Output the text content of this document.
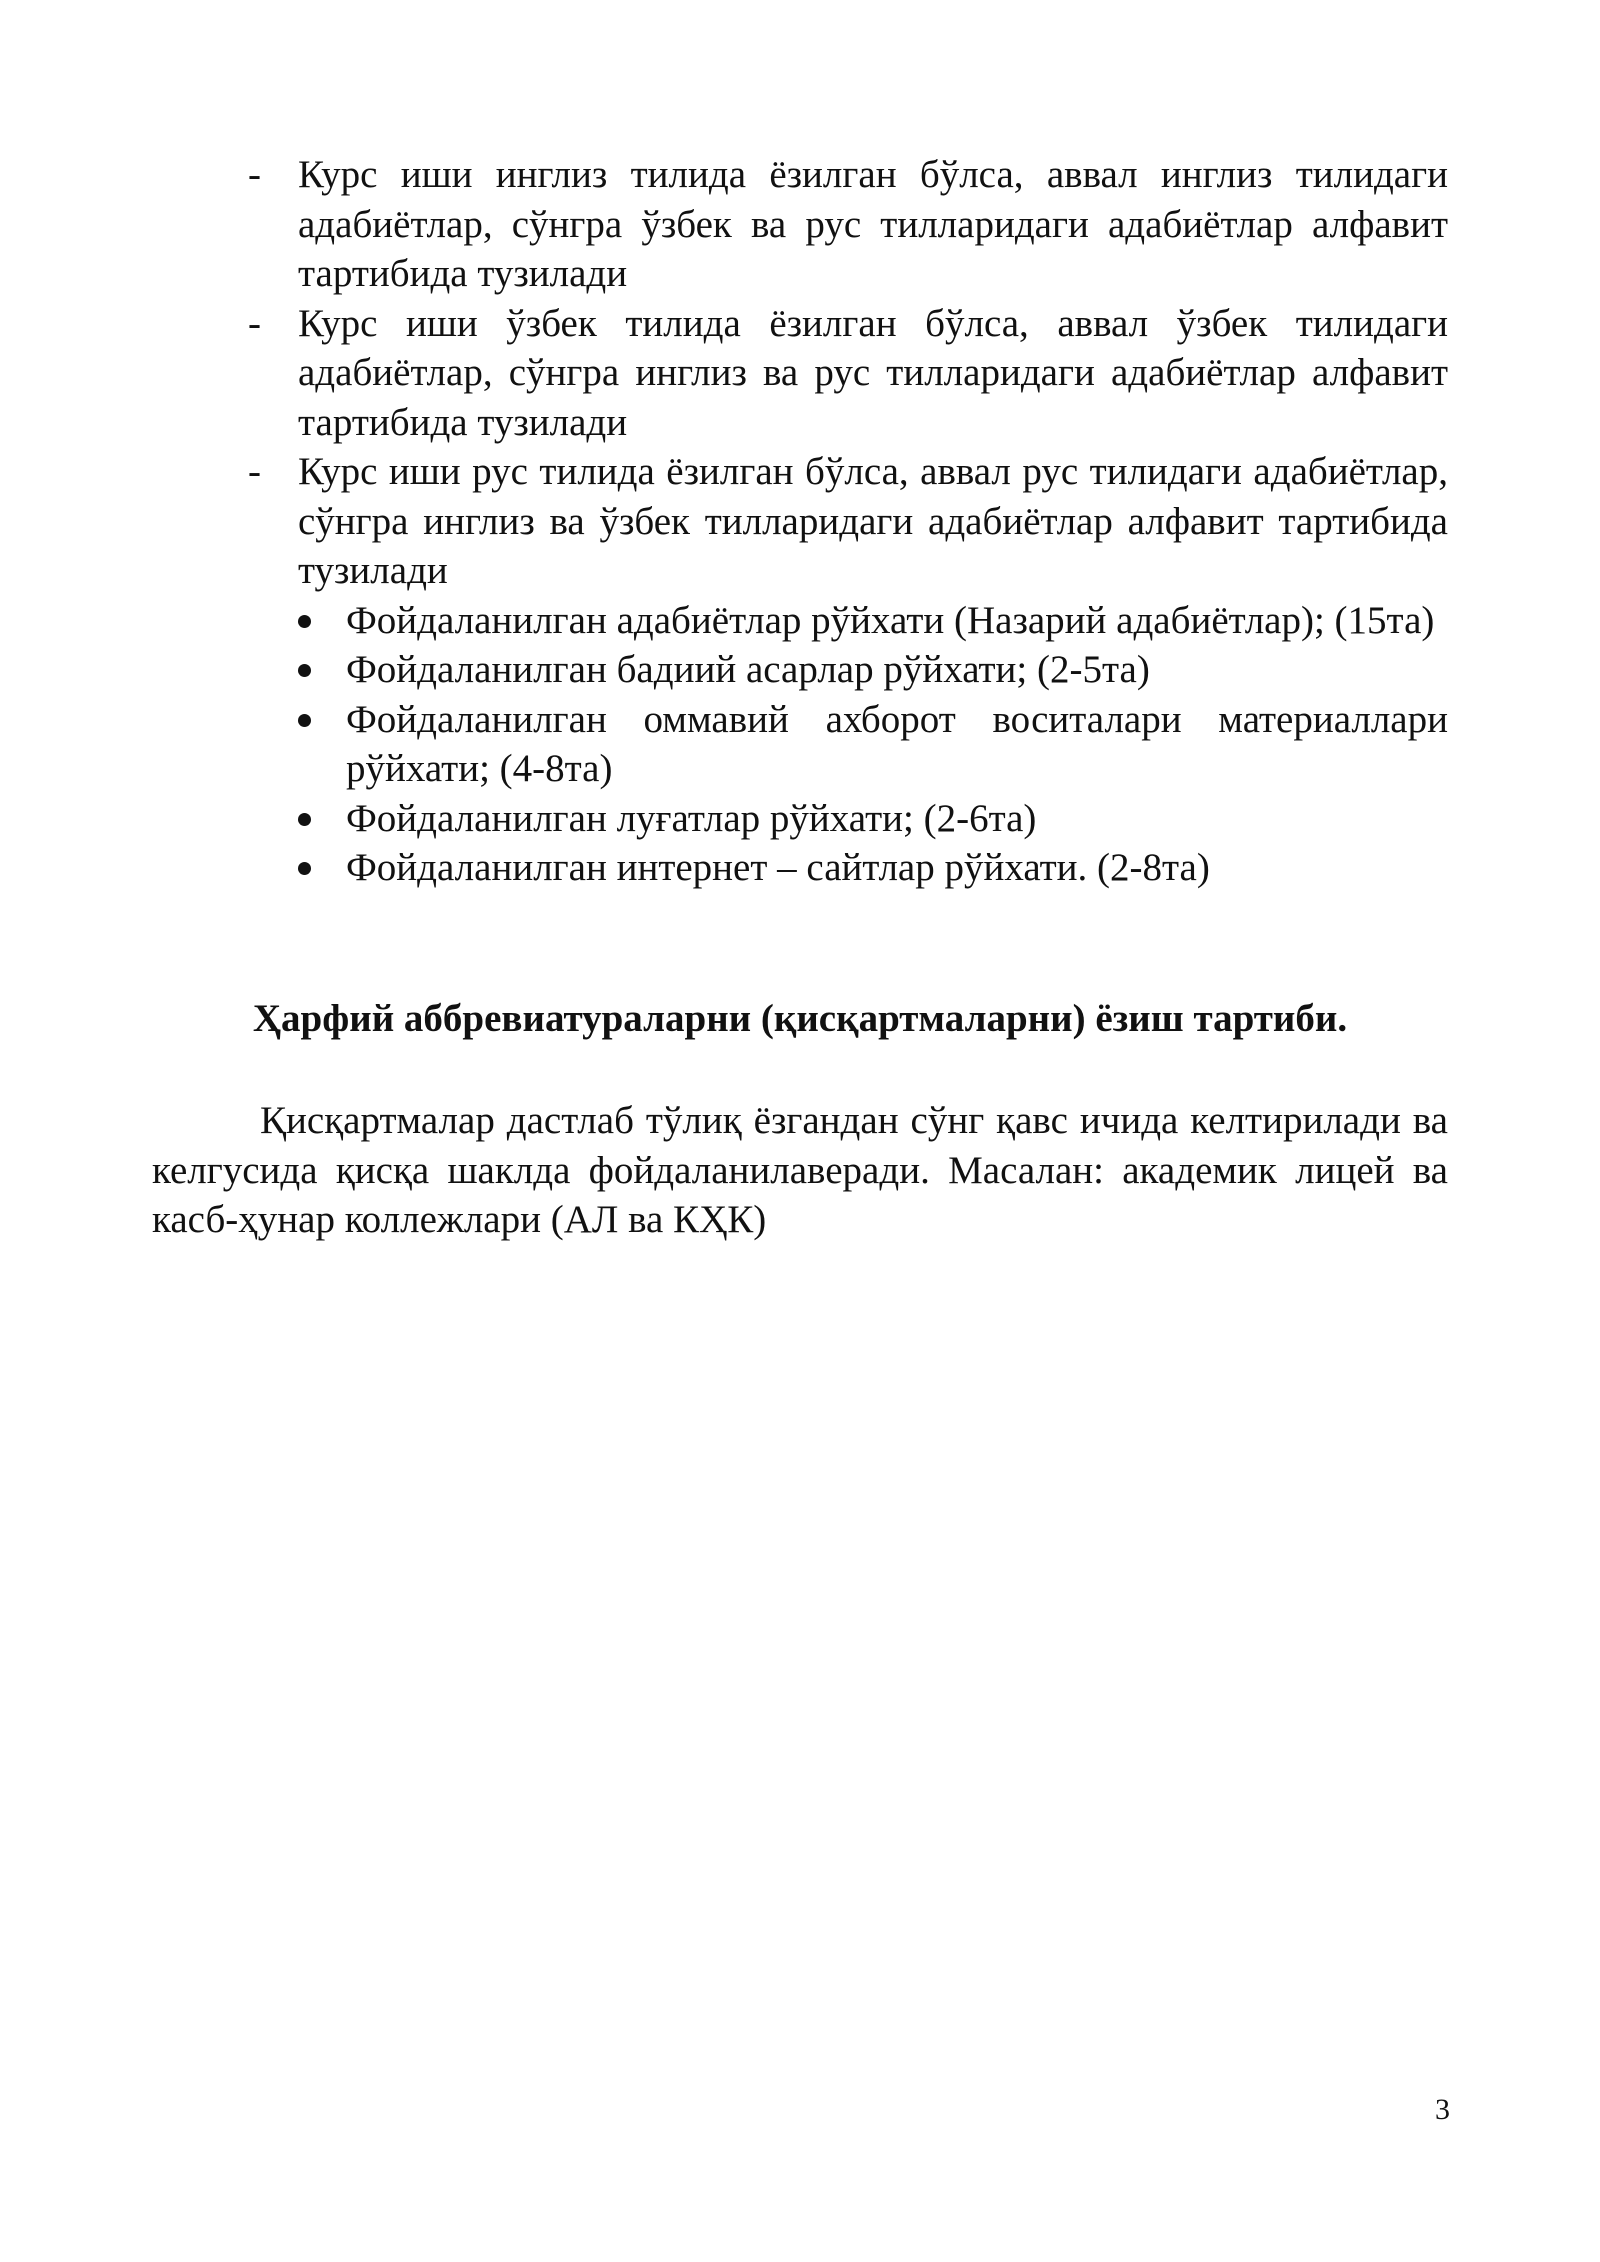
- Курс иши инглиз тилида ёзилган бўлса, аввал инглиз тилидаги адабиётлар, сўнгра ўзбек ва рус тилларидаги адабиётлар алфавит тартибида тузилади
- Курс иши ўзбек тилида ёзилган бўлса, аввал ўзбек тилидаги адабиётлар, сўнгра инглиз ва рус тилларидаги адабиётлар алфавит тартибида тузилади
- Курс иши рус тилида ёзилган бўлса, аввал рус тилидаги адабиётлар, сўнгра инглиз ва ўзбек тилларидаги адабиётлар алфавит тартибида тузилади
Фойдаланилган адабиётлар рўйхати (Назарий адабиётлар); (15та)
Фойдаланилган бадиий асарлар рўйхати; (2-5та)
Фойдаланилган оммавий ахборот воситалари материаллари рўйхати; (4-8та)
Фойдаланилган луғатлар рўйхати; (2-6та)
Фойдаланилган интернет – сайтлар рўйхати. (2-8та)
Ҳарфий аббревиатураларни (қисқартмаларни) ёзиш тартиби.

Қисқартмалар дастлаб тўлиқ ёзгандан сўнг қавс ичида келтирилади ва келгусида қисқа шаклда фойдаланилаверади. Масалан: академик лицей ва касб-ҳунар коллежлари (АЛ ва КҲК)

3
